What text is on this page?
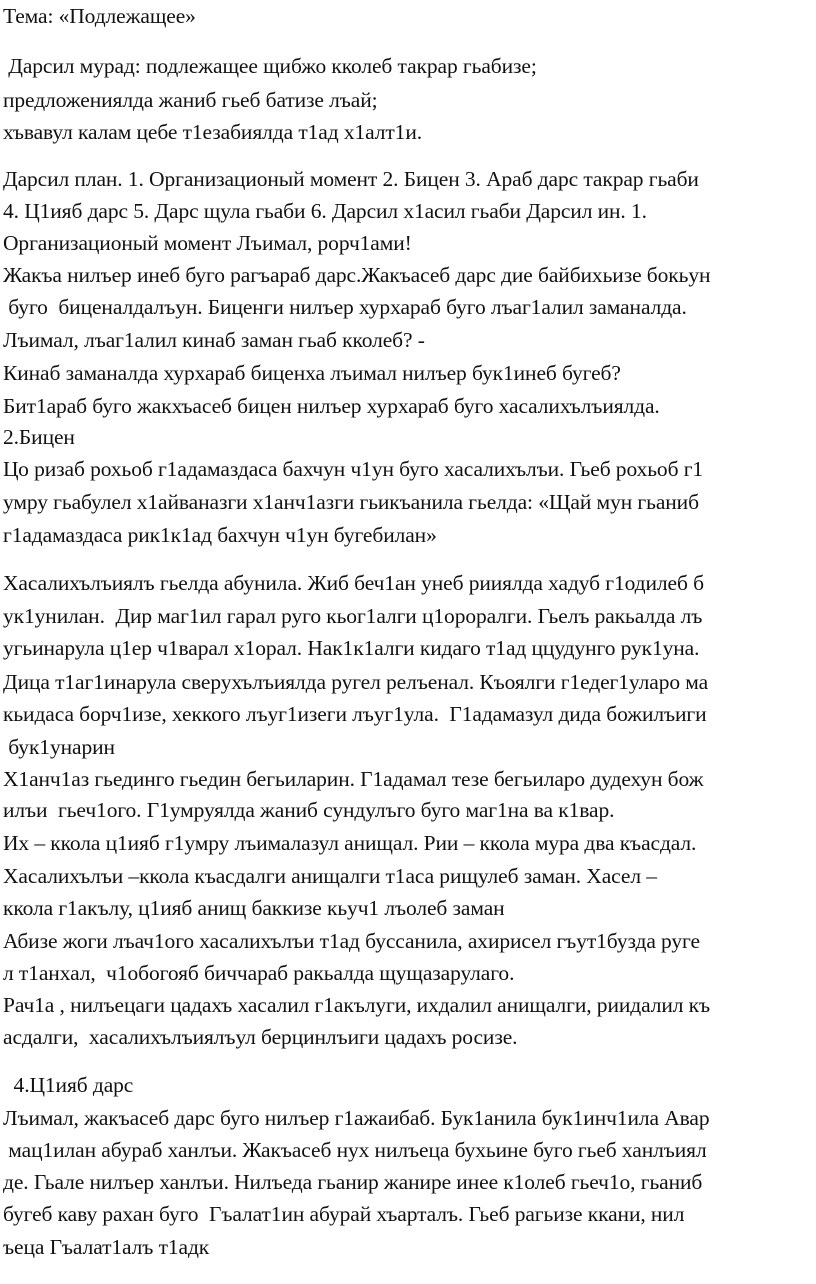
Тема: «Подлежащее»
Дарсил мурад: подлежащее щибжо кколеб такрар гьабизе;
предложениялда жаниб гьеб батизе лъай;
хъвавул калам цебе т1езабиялда т1ад х1алт1и.
Дарсил план. 1. Организационый момент 2. Бицен 3. Араб дарс такрар гьаби
4. Ц1ияб дарс 5. Дарс щула гьаби 6. Дарсил х1асил гьаби Дарсил ин. 1.
Организационый момент Лъимал, рорч1ами!
Жакъа нилъер инеб буго рагъараб дарс.Жакъасеб дарс дие байбихьизе бокьун
буго  биценалдалъун. Биценги нилъер хурхараб буго лъаг1алил заманалда.
Лъимал, лъаг1алил кинаб заман гьаб кколеб? -
Кинаб заманалда хурхараб биценха лъимал нилъер бук1инеб бугеб?
Бит1араб буго жакхъасеб бицен нилъер хурхараб буго хасалихълъиялда.
2.Бицен
Цо ризаб рохьоб г1адамаздаса бахчун ч1ун буго хасалихълъи. Гьеб рохьоб г1
умру гьабулел х1айваназги х1анч1азги гьикъанила гьелда: «Щай мун гьаниб
г1адамаздаса рик1к1ад бахчун ч1ун бугебилан»
Хасалихълъиялъ гьелда абунила. Жиб беч1ан унеб рииялда хадуб г1одилеб б
ук1унилан.  Дир маг1ил гарал руго кьог1алги ц1ороралги. Гьелъ ракьалда лъ
угьинарула ц1ер ч1варал х1орал. Нак1к1алги кидаго т1ад ццудунго рук1уна.
Дица т1аг1инарула сверухълъиялда ругел релъенал. Къоялги г1едег1уларо ма
кьидаса борч1изе, хеккого лъуг1изеги лъуг1ула.  Г1адамазул дида божилъиги
бук1унарин
Х1анч1аз гьединго гьедин бегьиларин. Г1адамал тезе бегьиларо дудехун бож
илъи  гьеч1ого. Г1умруялда жаниб сундулъго буго маг1на ва к1вар.
Их – ккола ц1ияб г1умру лъималазул анищал. Рии – ккола мура два къасдал.
Хасалихълъи –ккола къасдалги анищалги т1аса рищулеб заман. Хасел –
ккола г1акълу, ц1ияб анищ баккизе кьуч1 лъолеб заман
Абизе жоги лъач1ого хасалихълъи т1ад буссанила, ахирисел гъут1бузда руге
л т1анхал,  ч1обогояб биччараб ракьалда щущазарулаго.
Рач1а , нилъецаги цадахъ хасалил г1акълуги, ихдалил анищалги, риидалил къ
асдалги,  хасалихълъиялъул берцинлъиги цадахъ росизе.
4.Ц1ияб дарс
Лъимал, жакъасеб дарс буго нилъер г1ажаибаб. Бук1анила бук1инч1ила Авар
мац1илан абураб ханлъи. Жакъасеб нух нилъеца бухьине буго гьеб ханлъиял
де. Гьале нилъер ханлъи. Нилъеда гьанир жанире инее к1олеб гьеч1о, гьаниб
бугеб каву рахан буго  Гъалат1ин абурай хъарталъ. Гьеб рагьизе ккани, нил
ъеца Гъалат1алъ т1адк
